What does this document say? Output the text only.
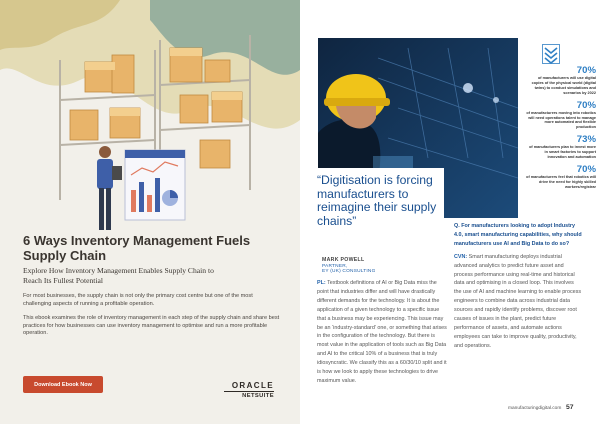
6 Ways Inventory Management Fuels Supply Chain
Explore How Inventory Management Enables Supply Chain to Reach Its Fullest Potential

For most businesses, the supply chain is not only the primary cost centre but one of the most challenging aspects of running a profitable operation.

This ebook examines the role of inventory management in each step of the supply chain and share best practices for how businesses can use inventory management to optimise and run a more profitable operation.

Download Ebook Now	ORACLE
NETSUITE
“Digitisation is forcing manufacturers to reimagine their supply chains”
MARK POWELL
PARTNER,
EY (UK) CONSULTING

PL: Textbook definitions of AI or Big Data miss the point that industries differ and will have drastically different demands for the technology. It is about the application of a given technology to a specific issue that a business may be experiencing. This issue may be an ‘industry-standard’ one, or something that arises in the configuration of the technology. But there is most value in the application of tools such as Big Data and AI to the critical 10% of a business that is truly idiosyncratic. We classify this as a 60/30/10 split and it is how we look to apply these technologies to drive maximum value.

Q. For manufacturers looking to adopt Industry 4.0, smart manufacturing capabilities, why should manufacturers use AI and Big Data to do so?

CVN: Smart manufacturing deploys industrial advanced analytics to predict future asset and process performance using real-time and historical data and optimising in a closed loop. This involves the use of AI and machine learning to enable process engineers to combine data across industrial data sources and rapidly identify problems, discover root causes of issues in the plant, predict future performance of assets, and automate actions employees can take to improve quality, productivity, and operations.

70%
of manufacturers will use digital copies of the physical world (digital twins) to conduct simulations and scenarios by 2022
70%
of manufacturers moving into robotics will need operations talent to manage more automated and flexible production
73%
of manufacturers plan to invest more in smart factories to support innovation and automation
70%
of manufacturers feel that robotics will drive the need for highly skilled workers/registrar
manufacturingdigital.com 57
